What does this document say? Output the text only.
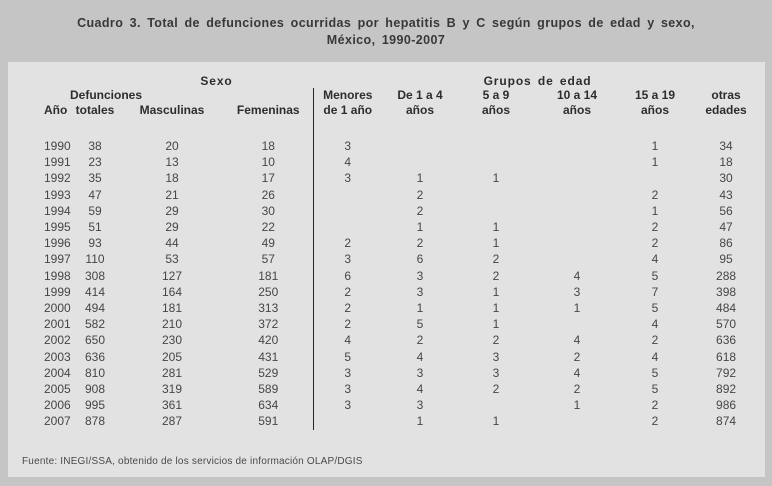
Cuadro 3. Total de defunciones ocurridas por hepatitis B y C según grupos de edad y sexo,
México, 1990-2007
		Sexo		Grupos de edad					

Año

Defunciones
totales	Masculinas	Femeninas

Menores
de 1 año

De 1 a 4
años

5 a 9
años

10 a 14
años

15 a 19
años

otras
edades

1990	38	20	18	3				1	34
1991	23	13	10	4				1	18
1992	35	18	17	3	1	1			30
1993	47	21	26		2			2	43
1994	59	29	30		2			1	56
1995	51	29	22		1	1		2	47
1996	93	44	49	2	2	1		2	86
1997	110	53	57	3	6	2		4	95
1998	308	127	181	6	3	2	4	5	288
1999	414	164	250	2	3	1	3	7	398
2000	494	181	313	2	1	1	1	5	484
2001	582	210	372	2	5	1		4	570
2002	650	230	420	4	2	2	4	2	636
2003	636	205	431	5	4	3	2	4	618
2004	810	281	529	3	3	3	4	5	792
2005	908	319	589	3	4	2	2	5	892
2006	995	361	634	3	3		1	2	986
2007	878	287	591		1	1		2	874
Fuente: INEGI/SSA, obtenido de los servicios de información OLAP/DGIS
